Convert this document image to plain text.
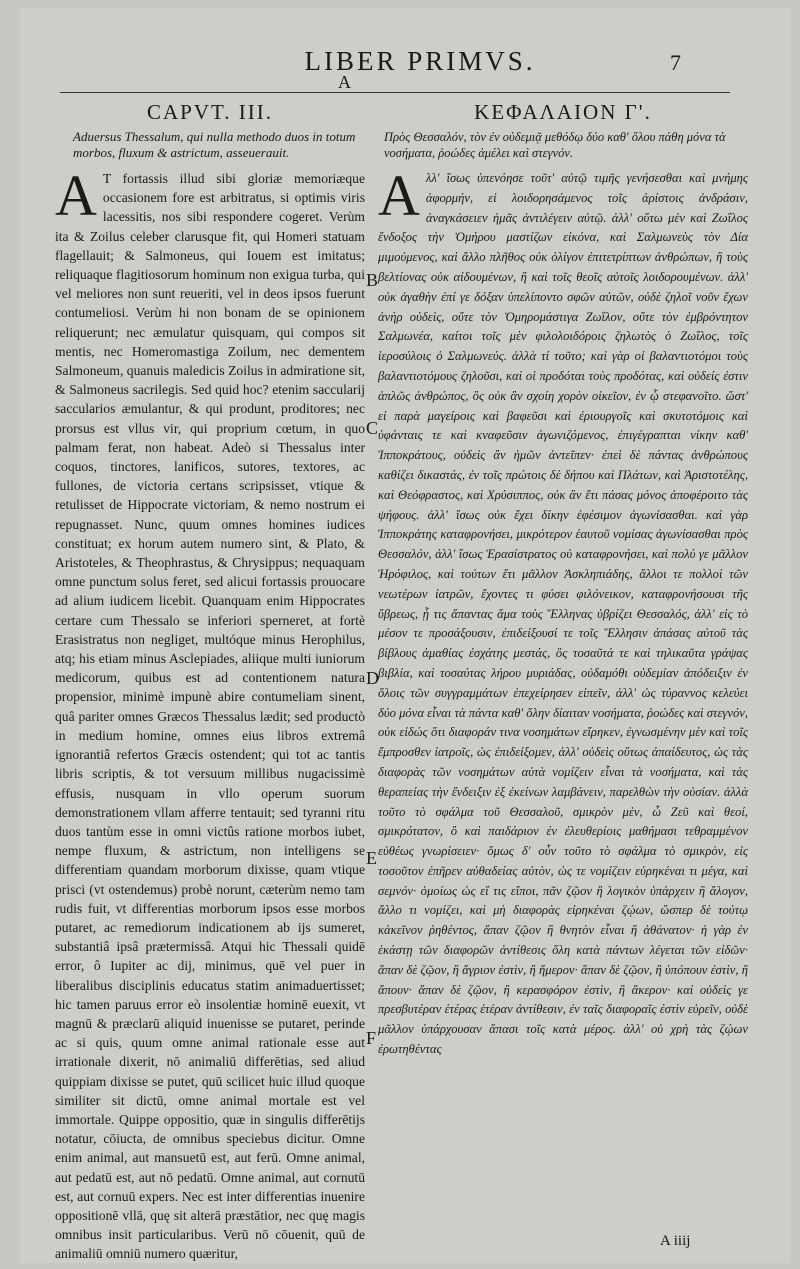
LIBER PRIMVS.	7
A
B
C
D
E
F
CAPVT. III.
Aduersus Thessalum, qui nulla methodo duos in totum morbos, fluxum & astrictum, asseuerauit.

A T fortassis illud sibi gloriæ memoriæque occasionem fore est arbitratus, si optimis viris lacessitis, nos sibi respondere cogeret. Verùm ita & Zoilus celeber clarusque fit, qui Homeri statuam flagellauit; & Salmoneus, qui Iouem est imitatus; reliquaque flagitiosorum hominum non exigua turba, qui vel meliores non sunt reueriti, vel in deos ipsos fuerunt contumeliosi. Verùm hi non bonam de se opinionem reliquerunt; nec æmulatur quisquam, qui compos sit mentis, nec Homeromastiga Zoilum, nec dementem Salmoneum, quanuis maledicis Zoilus in admiratione sit, & Salmoneus sacrilegis. Sed quid hoc? etenim saccularij saccularios æmulantur, & qui produnt, proditores; nec prorsus est vllus vir, qui proprium cœtum, in quo palmam ferat, non habeat. Adeò si Thessalus inter coquos, tinctores, lanificos, sutores, textores, ac fullones, de victoria certans scripsisset, vtique & retulisset de Hippocrate victoriam, & nemo nostrum ei repugnasset. Nunc, quum omnes homines iudices constituat; ex horum autem numero sint, & Plato, & Aristoteles, & Theophrastus, & Chrysippus; nequaquam omne punctum solus feret, sed alicui fortassis prouocare ad alium iudicem licebit. Quanquam enim Hippocrates certare cum Thessalo se inferiori sperneret, at fortè Erasistratus non negliget, multóque minus Herophilus, atq; his etiam minus Asclepiades, aliique multi iuniorum medicorum, quibus est ad contentionem natura propensior, minimè impunè abire contumeliam sinent, quâ pariter omnes Græcos Thessalus lædit; sed productò in medium homine, omnes eius libros extremâ ignorantiâ refertos Græcis ostendent; qui tot ac tantis libris scriptis, & tot versuum millibus nugacissimè effusis, nusquam in vllo operum suorum demonstrationem vllam afferre tentauit; sed tyranni ritu duos tantùm esse in omni victûs ratione morbos iubet, nempe fluxum, & astrictum, non intelligens se differentiam quandam morborum dixisse, quam vtique prisci (vt ostendemus) probè norunt, cæterùm nemo tam rudis fuit, vt differentias morborum ipsos esse morbos putaret, ac remediorum indicationem ab ijs sumeret, substantiâ ipsâ prætermissâ. Atqui hic Thessali quidē error, ô Iupiter ac dij, minimus, quē vel puer in liberalibus disciplinis educatus statim animaduertisset; hic tamen paruus error eò insolentiæ hominē euexit, vt magnū & præclarū aliquid inuenisse se putaret, perinde ac si quis, quum omne animal rationale esse aut irrationale dixerit, nō animaliū differētias, sed aliud quippiam dixisse se putet, quū scilicet huic illud quoque similiter sit dictū, omne animal mortale est vel immortale. Quippe oppositio, quæ in singulis differētijs notatur, cōiucta, de omnibus speciebus dicitur. Omne enim animal, aut mansuetū est, aut ferū. Omne animal, aut pedatū est, aut nō pedatū. Omne animal, aut cornutū est, aut cornuū expers. Nec est inter differentias inuenire oppositionē vllā, quę sit alterā præstātior, nec quę magis omnibus insit particularibus. Verū nō cōuenit, quū de animaliū omniū numero quæritur,

ΚΕΦΑΛΑΙΟΝ Γ'.
Πρὸς Θεσσαλόν, τὸν ἐν οὐδεμιᾷ μεθόδῳ δύο καθ' ὅλου πάθη μόνα τὰ νοσήματα, ῥοώδες ἀμέλει καὶ στεγνόν.

Α λλ' ἴσως ὑπενόησε τοῦτ' αὐτῷ τιμῆς γενήσεσθαι καὶ μνήμης ἀφορμήν, εἰ λοιδορησάμενος τοῖς ἀρίστοις ἀνδράσιν, ἀναγκάσειεν ἡμᾶς ἀντιλέγειν αὐτῷ. ἀλλ' οὕτω μὲν καὶ Ζωΐλος ἔνδοξος τὴν Ὁμήρου μαστίζων εἰκόνα, καὶ Σαλμωνεὺς τὸν Δία μιμούμενος, καὶ ἄλλο πλῆθος οὐκ ὀλίγον ἐπιτετρίπτων ἀνθρώπων, ἢ τοὺς βελτίονας οὐκ αἰδουμένων, ἢ καὶ τοῖς θεοῖς αὐτοῖς λοιδορουμένων. ἀλλ' οὐκ ἀγαθὴν ἐπί γε δόξαν ὑπελίποντο σφῶν αὐτῶν, οὐδὲ ζηλοῖ νοῦν ἔχων ἀνὴρ οὐδεὶς, οὔτε τὸν Ὁμηρομάστιγα Ζωΐλον, οὔτε τὸν ἐμβρόντητον Σαλμωνέα, καίτοι τοῖς μὲν φιλολοιδόροις ζηλωτὸς ὁ Ζωΐλος, τοῖς ἱεροσύλοις ὁ Σαλμωνεύς. ἀλλὰ τί τοῦτο; καὶ γὰρ οἱ βαλαντιοτόμοι τοὺς βαλαντιοτόμους ζηλοῦσι, καὶ οἱ προδόται τοὺς προδότας, καὶ οὐδείς ἐστιν ἁπλῶς ἀνθρώπος, ὃς οὐκ ἂν σχοίη χορὸν οἰκεῖον, ἐν ᾧ στεφανοῖτο. ὥστ' εἰ παρὰ μαγείροις καὶ βαφεῦσι καὶ ἐριουργοῖς καὶ σκυτοτόμοις καὶ ὑφάνταις τε καὶ κναφεῦσιν ἀγωνιζόμενος, ἐπιγέγραπται νίκην καθ' Ἱπποκράτους, οὐδεὶς ἂν ἡμῶν ἀντεῖπεν· ἐπεὶ δὲ πάντας ἀνθρώπους καθίζει δικαστάς, ἐν τοῖς πρώτοις δὲ δήπου καὶ Πλάτων, καὶ Ἀριστοτέλης, καὶ Θεόφραστος, καὶ Χρύσιππος, οὐκ ἂν ἔτι πάσας μόνος ἀποφέροιτο τὰς ψήφους. ἀλλ' ἴσως οὐκ ἔχει δίκην ἐφέσιμον ἀγωνίσασθαι. καὶ γὰρ Ἱπποκράτης καταφρονήσει, μικρότερον ἑαυτοῦ νομίσας ἀγωνίσασθαι πρὸς Θεσσαλόν, ἀλλ' ἴσως Ἐρασίστρατος οὐ καταφρονήσει, καὶ πολύ γε μᾶλλον Ἡρόφιλος, καὶ τούτων ἔτι μᾶλλον Ἀσκληπιάδης, ἄλλοι τε πολλοὶ τῶν νεωτέρων ἰατρῶν, ἔχοντες τι φύσει φιλόνεικον, καταφρονήσουσι τῆς ὕβρεως, ᾗ τις ἅπαντας ἅμα τοὺς Ἕλληνας ὑβρίζει Θεσσαλός, ἀλλ' εἰς τὸ μέσον τε προσάξουσιν, ἐπιδείξουσί τε τοῖς Ἕλλησιν ἁπάσας αὐτοῦ τὰς βίβλους ἀμαθίας ἐσχάτης μεστάς, ὃς τοσαῦτά τε καὶ τηλικαῦτα γράψας βιβλία, καὶ τοσαύτας λήρου μυριάδας, οὐδαμόθι οὐδεμίαν ἀπόδειξιν ἐν ὅλοις τῶν συγγραμμάτων ἐπεχείρησεν εἰπεῖν, ἀλλ' ὡς τύραννος κελεύει δύο μόνα εἶναι τὰ πάντα καθ' ὅλην δίαιταν νοσήματα, ῥοώδες καὶ στεγνόν, οὐκ εἰδώς ὅτι διαφοράν τινα νοσημάτων εἴρηκεν, ἐγνωσμένην μὲν καὶ τοῖς ἔμπροσθεν ἰατροῖς, ὡς ἐπιδείξομεν, ἀλλ' οὐδεὶς οὕτως ἀπαίδευτος, ὡς τὰς διαφορὰς τῶν νοσημάτων αὐτὰ νομίζειν εἶναι τὰ νοσήματα, καὶ τὰς θεραπείας τὴν ἔνδειξιν ἐξ ἐκείνων λαμβάνειν, παρελθὼν τὴν οὐσίαν. ἀλλὰ τοῦτο τὸ σφάλμα τοῦ Θεσσαλοῦ, σμικρὸν μὲν, ὦ Ζεῦ καὶ θεοί, σμικρότατον, ὃ καὶ παιδάριον ἐν ἐλευθερίοις μαθήμασι τεθραμμένον εὐθέως γνωρίσειεν· ὅμως δ' οὖν τοῦτο τὸ σφάλμα τὸ σμικρὸν, εἰς τοσοῦτον ἐπῆρεν αὐθαδείας αὐτὸν, ὡς τε νομίζειν εὑρηκέναι τι μέγα, καὶ σεμνόν· ὁμοίως ὡς εἴ τις εἴποι, πᾶν ζῷον ἢ λογικὸν ὑπάρχειν ἢ ἄλογον, ἄλλο τι νομίζει, καὶ μὴ διαφορὰς εἰρηκέναι ζῴων, ὥσπερ δὲ τούτῳ κἀκεῖνον ῥηθέντος, ἅπαν ζῷον ἢ θνητὸν εἶναι ἢ ἀθάνατον· ἡ γὰρ ἐν ἑκάστῃ τῶν διαφορῶν ἀντίθεσις ὅλη κατὰ πάντων λέγεται τῶν εἰδῶν· ἅπαν δὲ ζῷον, ἢ ἄγριον ἐστὶν, ἢ ἥμερον· ἅπαν δὲ ζῷον, ἢ ὑπόπουν ἐστὶν, ἢ ἄπουν· ἅπαν δὲ ζῷον, ἢ κερασφόρον ἐστὶν, ἢ ἄκερον· καὶ οὐδεὶς γε πρεσβυτέραν ἑτέρας ἑτέραν ἀντίθεσιν, ἐν ταῖς διαφοραῖς ἐστὶν εὑρεῖν, οὐδὲ μᾶλλον ὑπάρχουσαν ἅπασι τοῖς κατὰ μέρος. ἀλλ' οὐ χρὴ τὰς ζῴων ἐρωτηθέντας

A iiij
